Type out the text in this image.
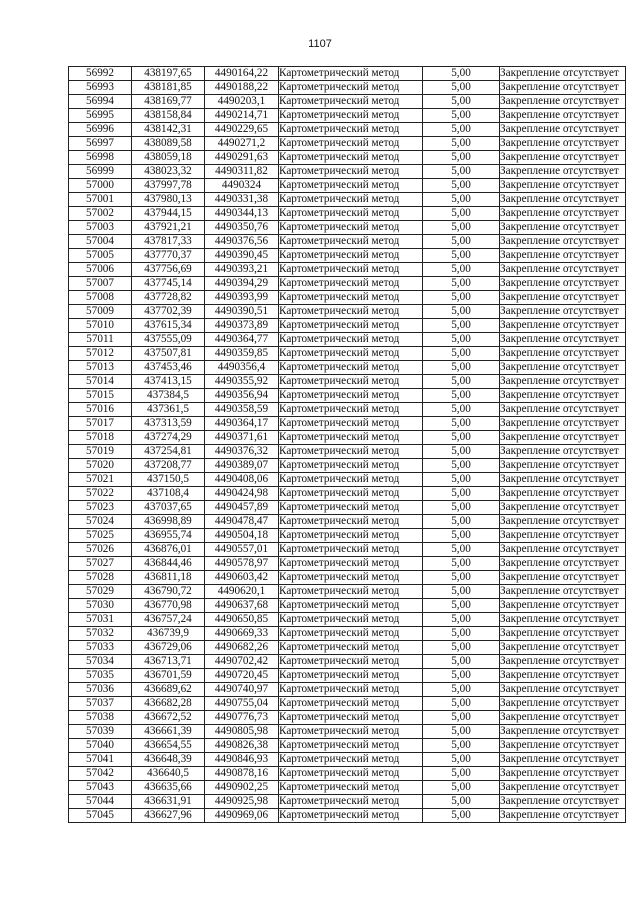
1107
56992	438197,65	4490164,22	Картометрический метод	5,00	Закрепление отсутствует
56993	438181,85	4490188,22	Картометрический метод	5,00	Закрепление отсутствует
56994	438169,77	4490203,1	Картометрический метод	5,00	Закрепление отсутствует
56995	438158,84	4490214,71	Картометрический метод	5,00	Закрепление отсутствует
56996	438142,31	4490229,65	Картометрический метод	5,00	Закрепление отсутствует
56997	438089,58	4490271,2	Картометрический метод	5,00	Закрепление отсутствует
56998	438059,18	4490291,63	Картометрический метод	5,00	Закрепление отсутствует
56999	438023,32	4490311,82	Картометрический метод	5,00	Закрепление отсутствует
57000	437997,78	4490324	Картометрический метод	5,00	Закрепление отсутствует
57001	437980,13	4490331,38	Картометрический метод	5,00	Закрепление отсутствует
57002	437944,15	4490344,13	Картометрический метод	5,00	Закрепление отсутствует
57003	437921,21	4490350,76	Картометрический метод	5,00	Закрепление отсутствует
57004	437817,33	4490376,56	Картометрический метод	5,00	Закрепление отсутствует
57005	437770,37	4490390,45	Картометрический метод	5,00	Закрепление отсутствует
57006	437756,69	4490393,21	Картометрический метод	5,00	Закрепление отсутствует
57007	437745,14	4490394,29	Картометрический метод	5,00	Закрепление отсутствует
57008	437728,82	4490393,99	Картометрический метод	5,00	Закрепление отсутствует
57009	437702,39	4490390,51	Картометрический метод	5,00	Закрепление отсутствует
57010	437615,34	4490373,89	Картометрический метод	5,00	Закрепление отсутствует
57011	437555,09	4490364,77	Картометрический метод	5,00	Закрепление отсутствует
57012	437507,81	4490359,85	Картометрический метод	5,00	Закрепление отсутствует
57013	437453,46	4490356,4	Картометрический метод	5,00	Закрепление отсутствует
57014	437413,15	4490355,92	Картометрический метод	5,00	Закрепление отсутствует
57015	437384,5	4490356,94	Картометрический метод	5,00	Закрепление отсутствует
57016	437361,5	4490358,59	Картометрический метод	5,00	Закрепление отсутствует
57017	437313,59	4490364,17	Картометрический метод	5,00	Закрепление отсутствует
57018	437274,29	4490371,61	Картометрический метод	5,00	Закрепление отсутствует
57019	437254,81	4490376,32	Картометрический метод	5,00	Закрепление отсутствует
57020	437208,77	4490389,07	Картометрический метод	5,00	Закрепление отсутствует
57021	437150,5	4490408,06	Картометрический метод	5,00	Закрепление отсутствует
57022	437108,4	4490424,98	Картометрический метод	5,00	Закрепление отсутствует
57023	437037,65	4490457,89	Картометрический метод	5,00	Закрепление отсутствует
57024	436998,89	4490478,47	Картометрический метод	5,00	Закрепление отсутствует
57025	436955,74	4490504,18	Картометрический метод	5,00	Закрепление отсутствует
57026	436876,01	4490557,01	Картометрический метод	5,00	Закрепление отсутствует
57027	436844,46	4490578,97	Картометрический метод	5,00	Закрепление отсутствует
57028	436811,18	4490603,42	Картометрический метод	5,00	Закрепление отсутствует
57029	436790,72	4490620,1	Картометрический метод	5,00	Закрепление отсутствует
57030	436770,98	4490637,68	Картометрический метод	5,00	Закрепление отсутствует
57031	436757,24	4490650,85	Картометрический метод	5,00	Закрепление отсутствует
57032	436739,9	4490669,33	Картометрический метод	5,00	Закрепление отсутствует
57033	436729,06	4490682,26	Картометрический метод	5,00	Закрепление отсутствует
57034	436713,71	4490702,42	Картометрический метод	5,00	Закрепление отсутствует
57035	436701,59	4490720,45	Картометрический метод	5,00	Закрепление отсутствует
57036	436689,62	4490740,97	Картометрический метод	5,00	Закрепление отсутствует
57037	436682,28	4490755,04	Картометрический метод	5,00	Закрепление отсутствует
57038	436672,52	4490776,73	Картометрический метод	5,00	Закрепление отсутствует
57039	436661,39	4490805,98	Картометрический метод	5,00	Закрепление отсутствует
57040	436654,55	4490826,38	Картометрический метод	5,00	Закрепление отсутствует
57041	436648,39	4490846,93	Картометрический метод	5,00	Закрепление отсутствует
57042	436640,5	4490878,16	Картометрический метод	5,00	Закрепление отсутствует
57043	436635,66	4490902,25	Картометрический метод	5,00	Закрепление отсутствует
57044	436631,91	4490925,98	Картометрический метод	5,00	Закрепление отсутствует
57045	436627,96	4490969,06	Картометрический метод	5,00	Закрепление отсутствует
